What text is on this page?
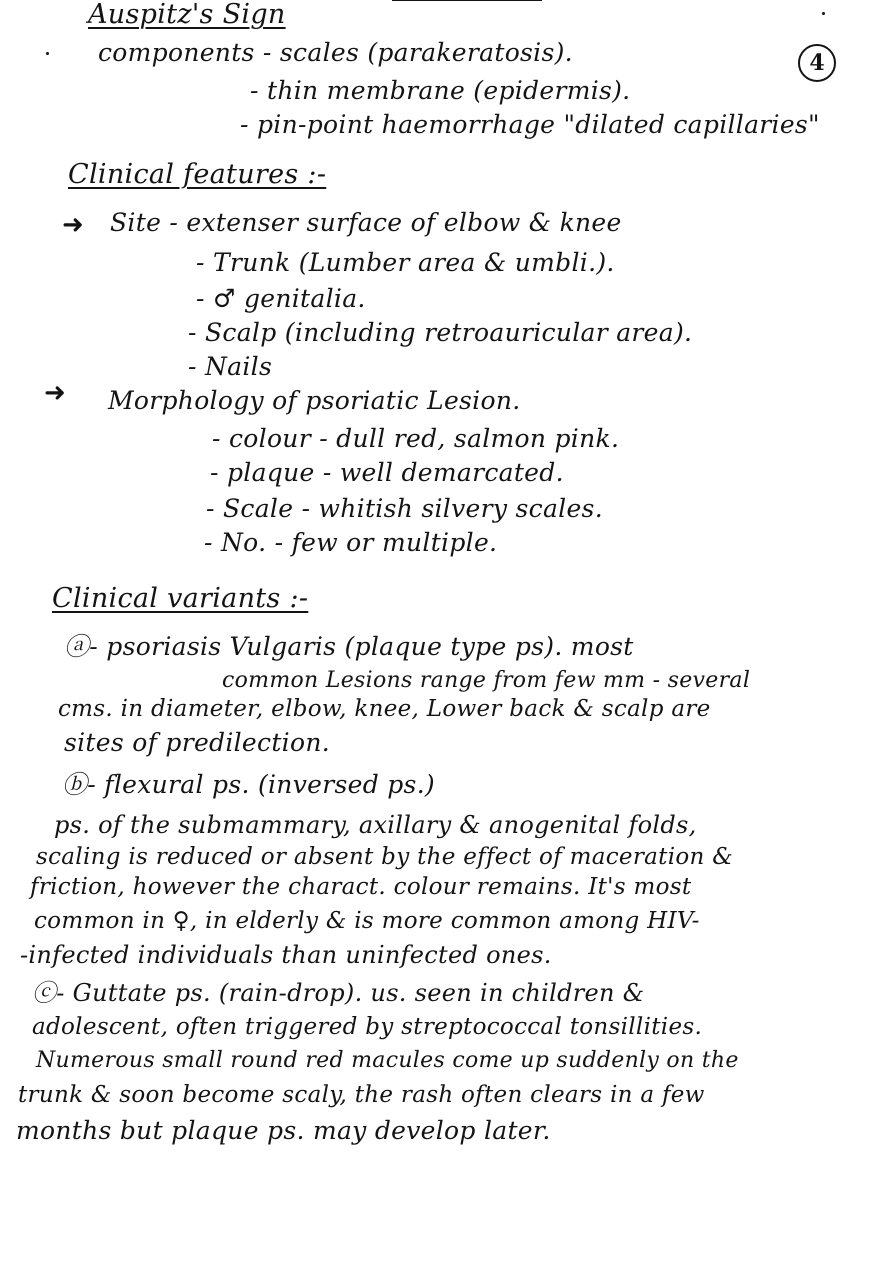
4
Auspitz's Sign
components - scales (parakeratosis).
- thin membrane (epidermis).
- pin-point haemorrhage "dilated capillaries"
Clinical features :-
➜ Site - extenser surface of elbow & knee
- Trunk (Lumber area & umbli.).
- ♂ genitalia.
- Scalp (including retroauricular area).
- Nails
➜ Morphology of psoriatic Lesion.
- colour - dull red, salmon pink.
- plaque - well demarcated.
- Scale - whitish silvery scales.
- No. - few or multiple.
Clinical variants :-
ⓐ- psoriasis Vulgaris (plaque type ps). most
common Lesions range from few mm - several
cms. in diameter, elbow, knee, Lower back & scalp are
sites of predilection.
ⓑ- flexural ps. (inversed ps.)
ps. of the submammary, axillary & anogenital folds,
scaling is reduced or absent by the effect of maceration &
friction, however the charact. colour remains. It's most
common in ♀, in elderly & is more common among HIV-
-infected individuals than uninfected ones.
ⓒ- Guttate ps. (rain-drop). us. seen in children &
adolescent, often triggered by streptococcal tonsillities.
Numerous small round red macules come up suddenly on the
trunk & soon become scaly, the rash often clears in a few
months but plaque ps. may develop later.
